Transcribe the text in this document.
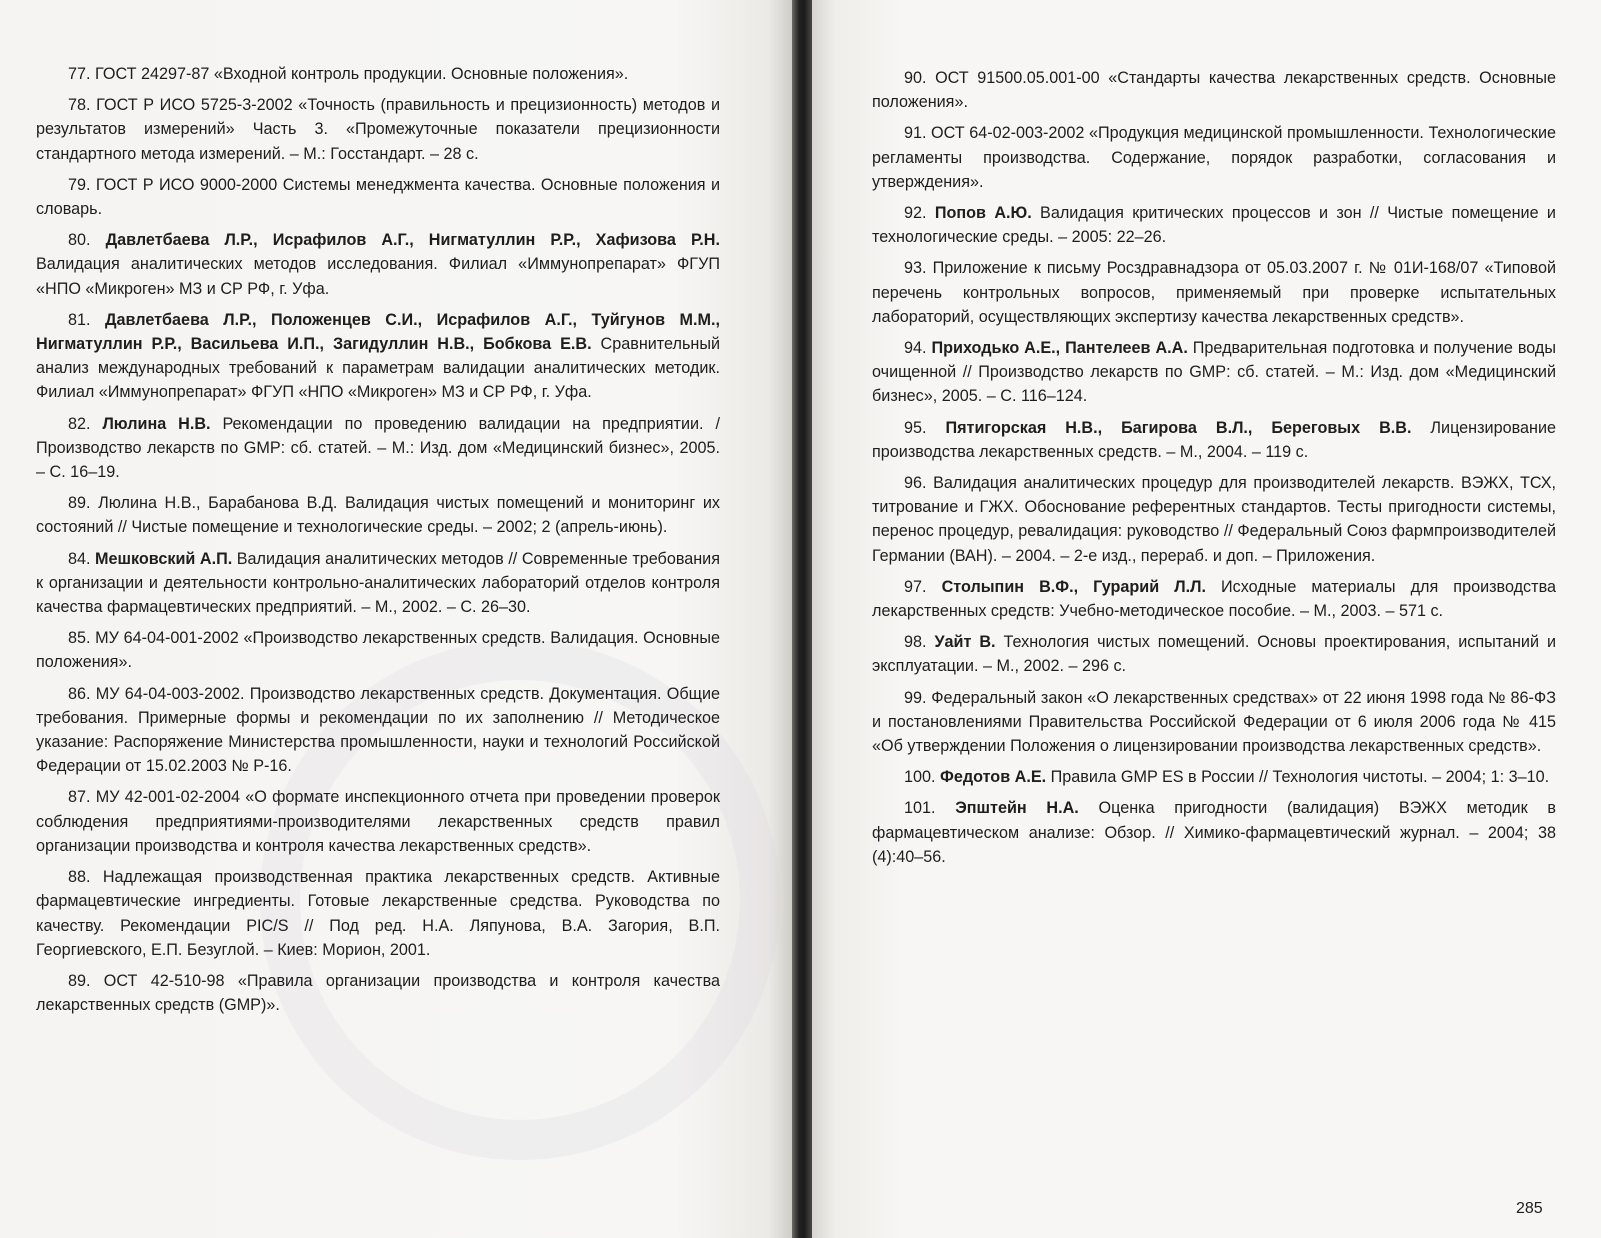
77. ГОСТ 24297-87 «Входной контроль продукции. Основные положения».

78. ГОСТ Р ИСО 5725-3-2002 «Точность (правильность и прецизионность) методов и результатов измерений» Часть 3. «Промежуточные показатели прецизионности стандартного метода измерений. – М.: Госстандарт. – 28 с.

79. ГОСТ Р ИСО 9000-2000 Системы менеджмента качества. Основные положения и словарь.

80. Давлетбаева Л.Р., Исрафилов А.Г., Нигматуллин Р.Р., Хафизова Р.Н. Валидация аналитических методов исследования. Филиал «Иммунопрепарат» ФГУП «НПО «Микроген» МЗ и СР РФ, г. Уфа.

81. Давлетбаева Л.Р., Положенцев С.И., Исрафилов А.Г., Туйгунов М.М., Нигматуллин Р.Р., Васильева И.П., Загидуллин Н.В., Бобкова Е.В. Сравнительный анализ международных требований к параметрам валидации аналитических методик. Филиал «Иммунопрепарат» ФГУП «НПО «Микроген» МЗ и СР РФ, г. Уфа.

82. Люлина Н.В. Рекомендации по проведению валидации на предприятии. / Производство лекарств по GMP: сб. статей. – М.: Изд. дом «Медицинский бизнес», 2005. – С. 16–19.

89. Люлина Н.В., Барабанова В.Д. Валидация чистых помещений и мониторинг их состояний // Чистые помещение и технологические среды. – 2002; 2 (апрель-июнь).

84. Мешковский А.П. Валидация аналитических методов // Современные требования к организации и деятельности контрольно-аналитических лабораторий отделов контроля качества фармацевтических предприятий. – М., 2002. – С. 26–30.

85. МУ 64-04-001-2002 «Производство лекарственных средств. Валидация. Основные положения».

86. МУ 64-04-003-2002. Производство лекарственных средств. Документация. Общие требования. Примерные формы и рекомендации по их заполнению // Методическое указание: Распоряжение Министерства промышленности, науки и технологий Российской Федерации от 15.02.2003 № Р-16.

87. МУ 42-001-02-2004 «О формате инспекционного отчета при проведении проверок соблюдения предприятиями-производителями лекарственных средств правил организации производства и контроля качества лекарственных средств».

88. Надлежащая производственная практика лекарственных средств. Активные фармацевтические ингредиенты. Готовые лекарственные средства. Руководства по качеству. Рекомендации PIC/S // Под ред. Н.А. Ляпунова, В.А. Загория, В.П. Георгиевского, Е.П. Безуглой. – Киев: Морион, 2001.

89. ОСТ 42-510-98 «Правила организации производства и контроля качества лекарственных средств (GMP)».

90. ОСТ 91500.05.001-00 «Стандарты качества лекарственных средств. Основные положения».

91. ОСТ 64-02-003-2002 «Продукция медицинской промышленности. Технологические регламенты производства. Содержание, порядок разработки, согласования и утверждения».

92. Попов А.Ю. Валидация критических процессов и зон // Чистые помещение и технологические среды. – 2005: 22–26.

93. Приложение к письму Росздравнадзора от 05.03.2007 г. № 01И-168/07 «Типовой перечень контрольных вопросов, применяемый при проверке испытательных лабораторий, осуществляющих экспертизу качества лекарственных средств».

94. Приходько А.Е., Пантелеев А.А. Предварительная подготовка и получение воды очищенной // Производство лекарств по GMP: сб. статей. – М.: Изд. дом «Медицинский бизнес», 2005. – С. 116–124.

95. Пятигорская Н.В., Багирова В.Л., Береговых В.В. Лицензирование производства лекарственных средств. – М., 2004. – 119 с.

96. Валидация аналитических процедур для производителей лекарств. ВЭЖХ, ТСХ, титрование и ГЖХ. Обоснование референтных стандартов. Тесты пригодности системы, перенос процедур, ревалидация: руководство // Федеральный Союз фармпроизводителей Германии (ВАН). – 2004. – 2-е изд., перераб. и доп. – Приложения.

97. Столыпин В.Ф., Гурарий Л.Л. Исходные материалы для производства лекарственных средств: Учебно-методическое пособие. – М., 2003. – 571 с.

98. Уайт В. Технология чистых помещений. Основы проектирования, испытаний и эксплуатации. – М., 2002. – 296 с.

99. Федеральный закон «О лекарственных средствах» от 22 июня 1998 года № 86-ФЗ и постановлениями Правительства Российской Федерации от 6 июля 2006 года № 415 «Об утверждении Положения о лицензировании производства лекарственных средств».

100. Федотов А.Е. Правила GMP ES в России // Технология чистоты. – 2004; 1: 3–10.

101. Эпштейн Н.А. Оценка пригодности (валидация) ВЭЖХ методик в фармацевтическом анализе: Обзор. // Химико-фармацевтический журнал. – 2004; 38 (4):40–56.

285
